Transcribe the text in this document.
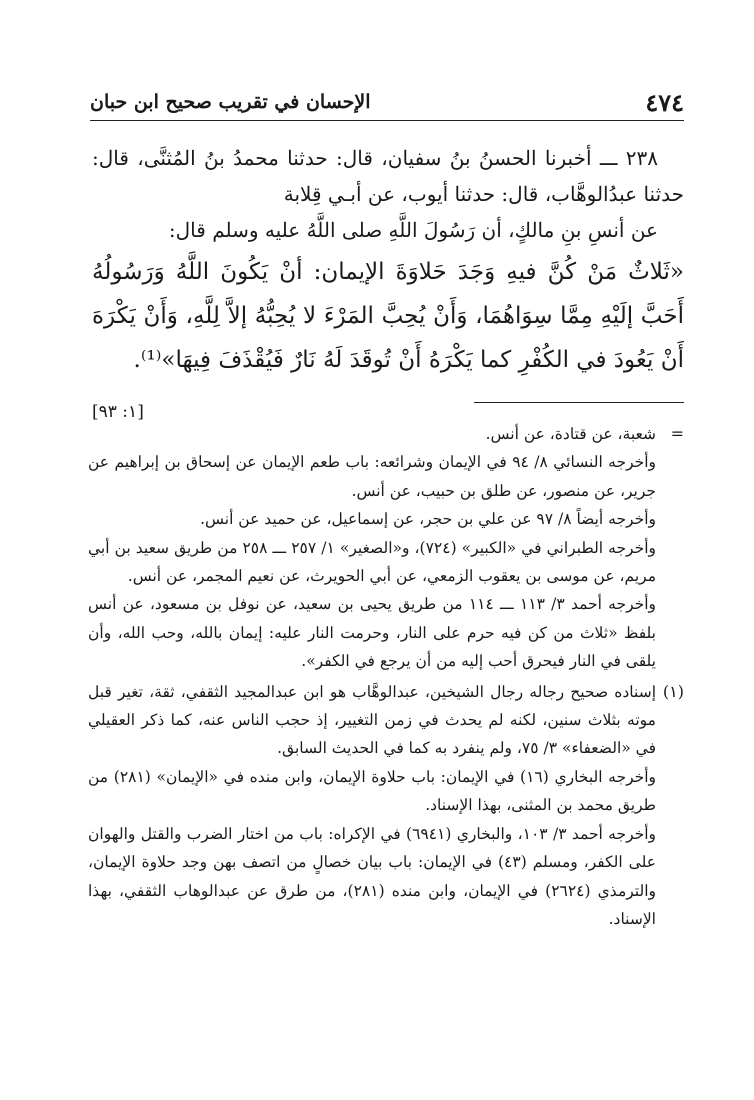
٤٧٤
الإحسان في تقريب صحيح ابن حبان

٢٣٨ ـــ أخبرنا الحسنُ بنُ سفيان، قال: حدثنا محمدُ بنُ المُثنَّى، قال: حدثنا عبدُالوهَّاب، قال: حدثنا أيوب، عن أبـي قِلابة

عن أنسِ بنِ مالكٍ، أن رَسُولَ اللَّهِ صلى اللَّهُ عليه وسلم قال:

«ثَلاثٌ مَنْ كُنَّ فيهِ وَجَدَ حَلاوَةَ الإيمان: أنْ يَكُونَ اللَّهُ وَرَسُولُهُ أَحَبَّ إلَيْهِ مِمَّا سِوَاهُمَا، وَأَنْ يُحِبَّ المَرْءَ لا يُحِبُّهُ إلاَّ لِلَّهِ، وَأَنْ يَكْرَهَ أَنْ يَعُودَ في الكُفْرِ كما يَكْرَهُ أَنْ تُوقَدَ لَهُ نَارٌ فَيُقْذَفَ فِيهَا»⁽¹⁾.
[١: ٩٣]

=

شعبة، عن قتادة، عن أنس.

وأخرجه النسائي ٨/ ٩٤ في الإيمان وشرائعه: باب طعم الإيمان عن إسحاق بن إبراهيم عن جرير، عن منصور، عن طلق بن حبيب، عن أنس.

وأخرجه أيضاً ٨/ ٩٧ عن علي بن حجر، عن إسماعيل، عن حميد عن أنس.

وأخرجه الطبراني في «الكبير» (٧٢٤)، و«الصغير» ١/ ٢٥٧ ـــ ٢٥٨ من طريق سعيد بن أبي مريم، عن موسى بن يعقوب الزمعي، عن أبي الحويرث، عن نعيم المجمر، عن أنس.

وأخرجه أحمد ٣/ ١١٣ ـــ ١١٤ من طريق يحيى بن سعيد، عن نوفل بن مسعود، عن أنس بلفظ «ثلاث من كن فيه حرم على النار، وحرمت النار عليه: إيمان بالله، وحب الله، وأن يلقى في النار فيحرق أحب إليه من أن يرجع في الكفر».

(١)

إسناده صحيح رجاله رجال الشيخين، عبدالوهَّاب هو ابن عبدالمجيد الثقفي، ثقة، تغير قبل موته بثلاث سنين، لكنه لم يحدث في زمن التغيير، إذ حجب الناس عنه، كما ذكر العقيلي في «الضعفاء» ٣/ ٧٥، ولم ينفرد به كما في الحديث السابق.

وأخرجه البخاري (١٦) في الإيمان: باب حلاوة الإيمان، وابن منده في «الإيمان» (٢٨١) من طريق محمد بن المثنى، بهذا الإسناد.

وأخرجه أحمد ٣/ ١٠٣، والبخاري (٦٩٤١) في الإكراه: باب من اختار الضرب والقتل والهوان على الكفر، ومسلم (٤٣) في الإيمان: باب بيان خصالٍ من اتصف بهن وجد حلاوة الإيمان، والترمذي (٢٦٢٤) في الإيمان، وابن منده (٢٨١)، من طرق عن عبدالوهاب الثقفي، بهذا الإسناد.
